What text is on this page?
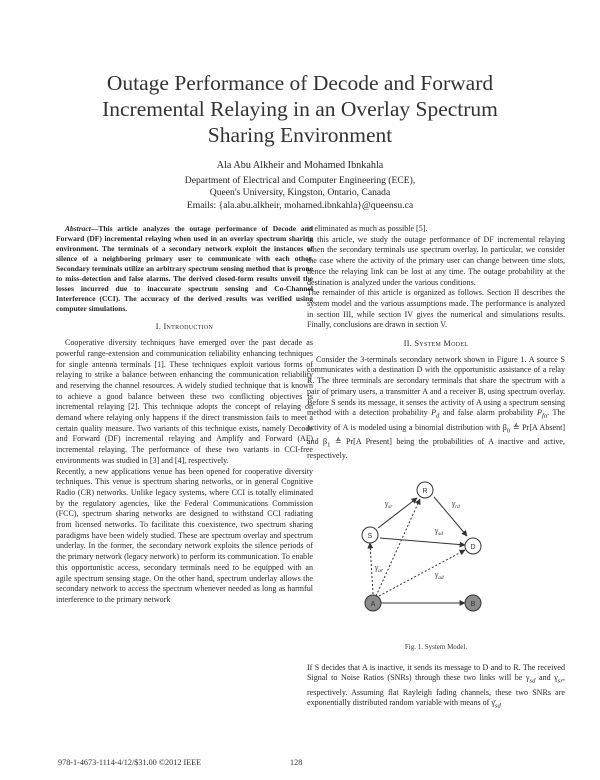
Outage Performance of Decode and Forward
Incremental Relaying in an Overlay Spectrum
Sharing Environment
Ala Abu Alkheir and Mohamed Ibnkahla
Department of Electrical and Computer Engineering (ECE),
Queen's University, Kingston, Ontario, Canada
Emails: {ala.abu.alkheir, mohamed.ibnkahla}@queensu.ca

Abstract—This article analyzes the outage performance of Decode and Forward (DF) incremental relaying when used in an overlay spectrum sharing environment. The terminals of a secondary network exploit the instances of silence of a neighboring primary user to communicate with each other. Secondary terminals utilize an arbitrary spectrum sensing method that is prone to miss-detection and false alarms. The derived closed-form results unveil the losses incurred due to inaccurate spectrum sensing and Co-Channel Interference (CCI). The accuracy of the derived results was verified using computer simulations.

I. Introduction

Cooperative diversity techniques have emerged over the past decade as powerful range-extension and communication reliability enhancing techniques for single antenna terminals [1]. These techniques exploit various forms of relaying to strike a balance between enhancing the communication reliability and reserving the channel resources. A widely studied technique that is known to achieve a good balance between these two conflicting objectives is incremental relaying [2]. This technique adopts the concept of relaying on demand where relaying only happens if the direct transmission fails to meet a certain quality measure. Two variants of this technique exists, namely Decode and Forward (DF) incremental relaying and Amplify and Forward (AF) incremental relaying. The performance of these two variants in CCI-free environments was studied in [3] and [4], respectively.

Recently, a new applications venue has been opened for cooperative diversity techniques. This venue is spectrum sharing networks, or in general Cognitive Radio (CR) networks. Unlike legacy systems, where CCI is totally eliminated by the regulatory agencies, like the Federal Communications Commission (FCC), spectrum sharing networks are designed to withstand CCI radiating from licensed networks. To facilitate this coexistence, two spectrum sharing paradigms have been widely studied. These are spectrum overlay and spectrum underlay. In the former, the secondary network exploits the silence periods of the primary network (legacy network) to perform its communication. To enable this opportunistic access, secondary terminals need to be equipped with an agile spectrum sensing stage. On the other hand, spectrum underlay allows the secondary network to access the spectrum whenever needed as long as harmful interference to the primary network

is eliminated as much as possible [5].

In this article, we study the outage performance of DF incremental relaying when the secondary terminals use spectrum overlay. In particular, we consider the case where the activity of the primary user can change between time slots, hence the relaying link can be lost at any time. The outage probability at the destination is analyzed under the various conditions.

The remainder of this article is organized as follows. Section II describes the system model and the various assumptions made. The performance is analyzed in section III, while section IV gives the numerical and simulations results. Finally, conclusions are drawn in section V.

II. System Model

Consider the 3-terminals secondary network shown in Figure 1. A source S communicates with a destination D with the opportunistic assistance of a relay R. The three terminals are secondary terminals that share the spectrum with a pair of primary users, a transmitter A and a receiver B, using spectrum overlay. Before S sends its message, it senses the activity of A using a spectrum sensing method with a detection probability $P_d$ and false alarm probability $P_{fa}$. The activity of A is modeled using a binomial distribution with $\beta_0$ ≜ Pr[A Absent] and $\beta_1$ ≜ Pr[A Present] being the probabilities of A inactive and active, respectively.

S
R
D
A	B
$\gamma_{sr}$	$\gamma_{rd}$
$\gamma_{sd}$
$\gamma_{ad}$
$\gamma_{ar}$
Fig. 1. System Model.

If S decides that A is inactive, it sends its message to D and to R. The received Signal to Noise Ratios (SNRs) through these two links will be $\gamma_{sd}$ and $\gamma_{sr}$, respectively. Assuming flat Rayleigh fading channels, these two SNRs are exponentially distributed random variable with means of $\gammā_{sd}$

978-1-4673-1114-4/12/$31.00 ©2012 IEEE	128
